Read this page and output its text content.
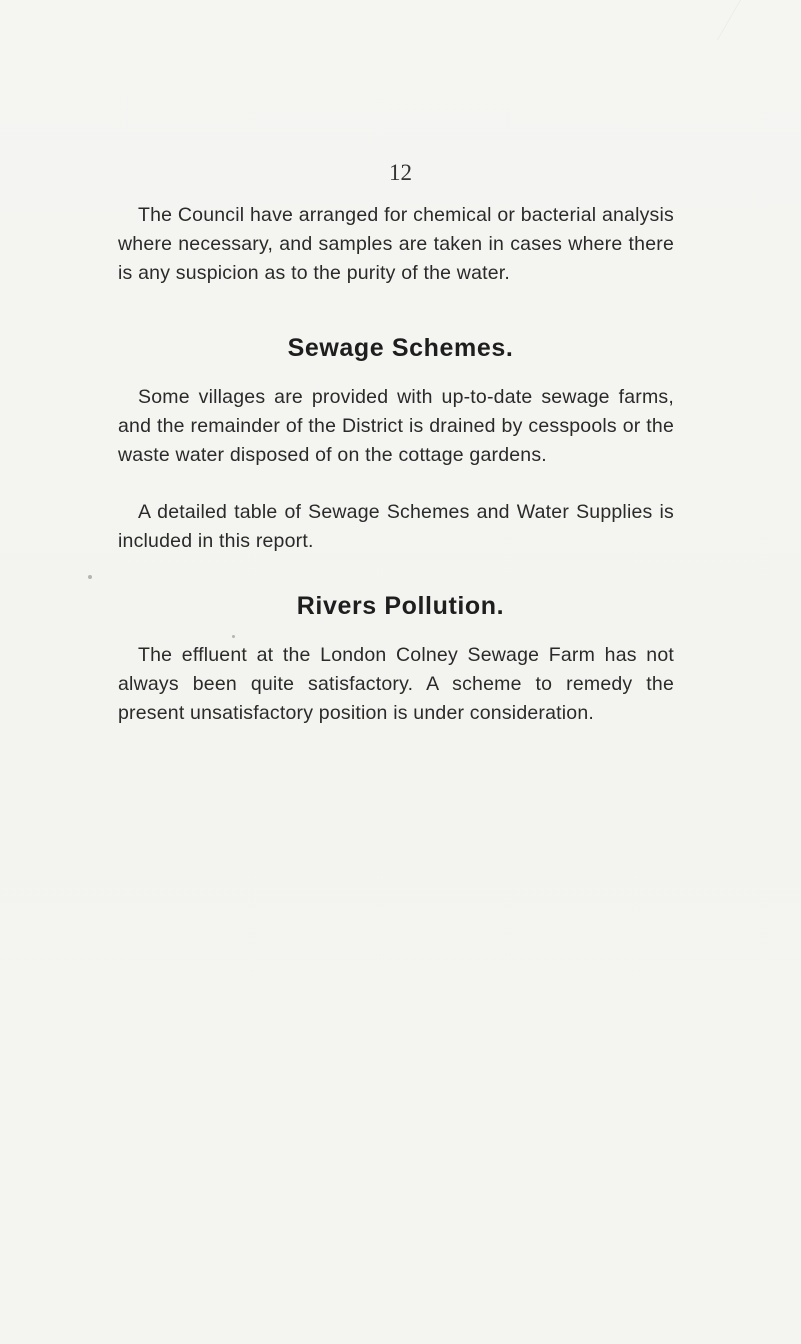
12

The Council have arranged for chemical or bacterial analysis where necessary, and samples are taken in cases where there is any suspicion as to the purity of the water.

Sewage Schemes.

Some villages are provided with up-to-date sewage farms, and the remainder of the District is drained by cesspools or the waste water disposed of on the cottage gardens.

A detailed table of Sewage Schemes and Water Supplies is included in this report.

Rivers Pollution.

The effluent at the London Colney Sewage Farm has not always been quite satisfactory. A scheme to remedy the present unsatisfactory position is under consideration.
